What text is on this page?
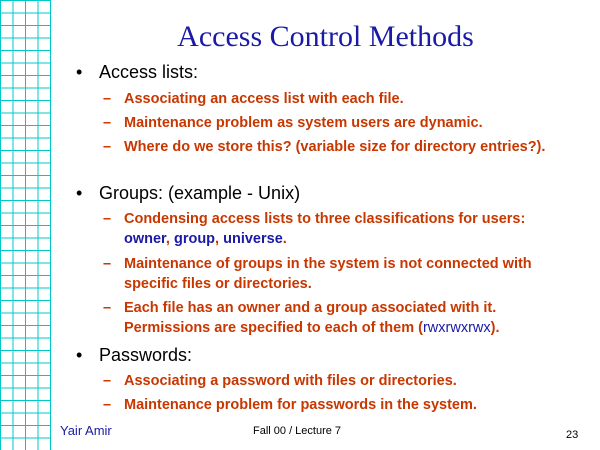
Access Control Methods
• Access lists:
– Associating an access list with each file.
– Maintenance problem as system users are dynamic.
– Where do we store this? (variable size for directory entries?).
• Groups: (example - Unix)
– Condensing access lists to three classifications for users: owner, group, universe.
– Maintenance of groups in the system is not connected with specific files or directories.
– Each file has an owner and a group associated with it. Permissions are specified to each of them (rwxrwxrwx).
• Passwords:
– Associating a password with files or directories.
– Maintenance problem for passwords in the system.
Yair Amir	Fall 00 / Lecture 7	23
